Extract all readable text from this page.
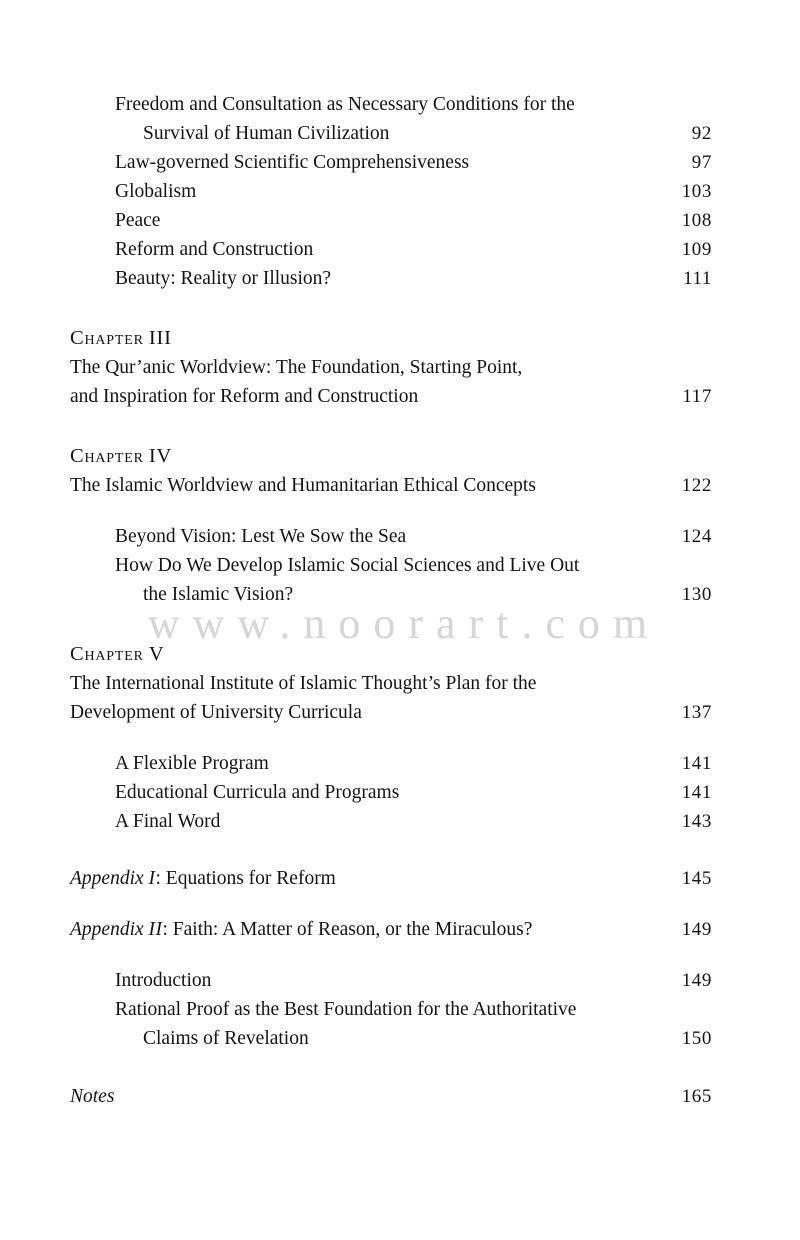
Freedom and Consultation as Necessary Conditions for the
Survival of Human Civilization	92
Law-governed Scientific Comprehensiveness	97
Globalism	103
Peace	108
Reform and Construction	109
Beauty: Reality or Illusion?	111
Chapter III
The Qur’anic Worldview: The Foundation, Starting Point,
and Inspiration for Reform and Construction	117
Chapter IV
The Islamic Worldview and Humanitarian Ethical Concepts	122
Beyond Vision: Lest We Sow the Sea	124
How Do We Develop Islamic Social Sciences and Live Out
the Islamic Vision?	130
Chapter V
The International Institute of Islamic Thought’s Plan for the
Development of University Curricula	137
A Flexible Program	141
Educational Curricula and Programs	141
A Final Word	143
Appendix I: Equations for Reform	145
Appendix II: Faith: A Matter of Reason, or the Miraculous?	149
Introduction	149
Rational Proof as the Best Foundation for the Authoritative
Claims of Revelation	150
Notes	165
www.noorart.com
